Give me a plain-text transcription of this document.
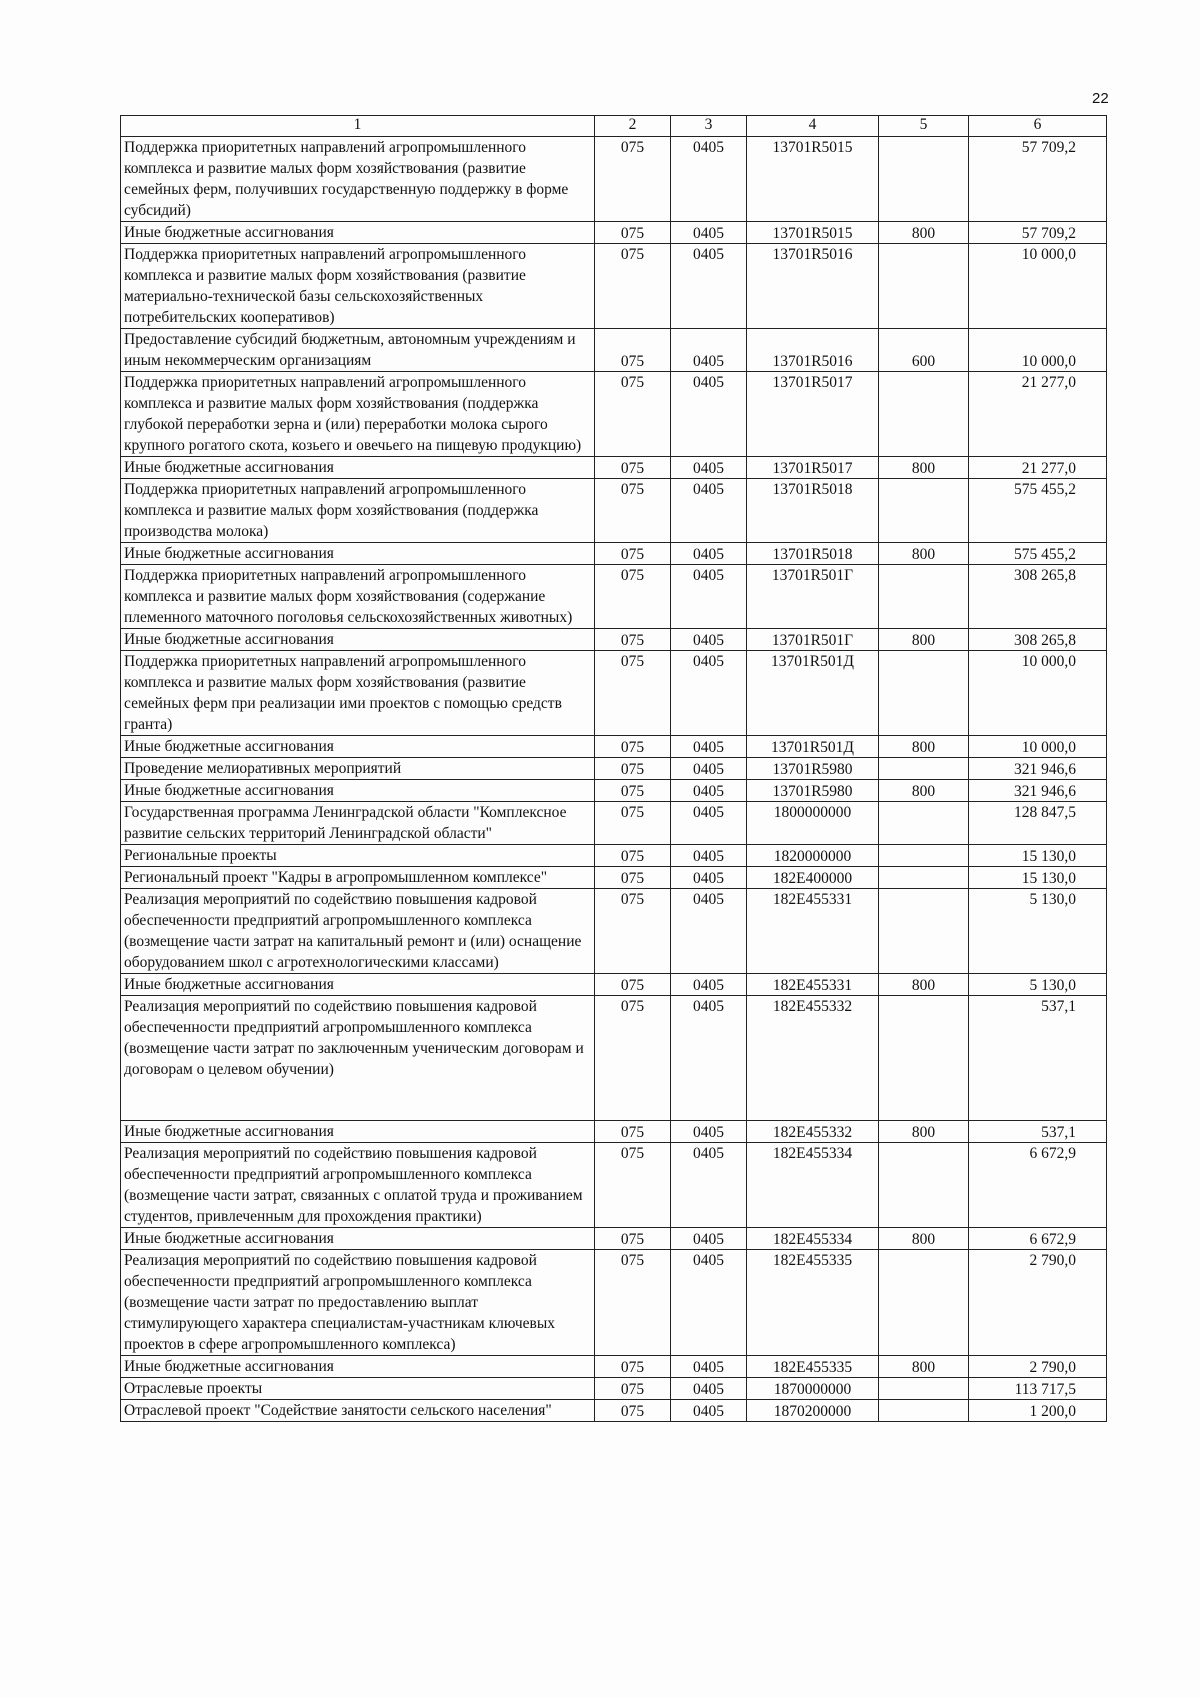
22
1	2	3	4	5	6
Поддержка приоритетных направлений агропромышленного комплекса и развитие малых форм хозяйствования (развитие семейных ферм, получивших государственную поддержку в форме субсидий)	075	0405	13701R5015		57 709,2
Иные бюджетные ассигнования	075	0405	13701R5015	800	57 709,2
Поддержка приоритетных направлений агропромышленного комплекса и развитие малых форм хозяйствования (развитие материально-технической базы сельскохозяйственных потребительских кооперативов)	075	0405	13701R5016		10 000,0
Предоставление субсидий бюджетным, автономным учреждениям и иным некоммерческим организациям	075	0405	13701R5016	600	10 000,0
Поддержка приоритетных направлений агропромышленного комплекса и развитие малых форм хозяйствования (поддержка глубокой переработки зерна и (или) переработки молока сырого крупного рогатого скота, козьего и овечьего на пищевую продукцию)	075	0405	13701R5017		21 277,0
Иные бюджетные ассигнования	075	0405	13701R5017	800	21 277,0
Поддержка приоритетных направлений агропромышленного комплекса и развитие малых форм хозяйствования (поддержка производства молока)	075	0405	13701R5018		575 455,2
Иные бюджетные ассигнования	075	0405	13701R5018	800	575 455,2
Поддержка приоритетных направлений агропромышленного комплекса и развитие малых форм хозяйствования (содержание племенного маточного поголовья сельскохозяйственных животных)	075	0405	13701R501Г		308 265,8
Иные бюджетные ассигнования	075	0405	13701R501Г	800	308 265,8
Поддержка приоритетных направлений агропромышленного комплекса и развитие малых форм хозяйствования (развитие семейных ферм при реализации ими проектов с помощью средств гранта)	075	0405	13701R501Д		10 000,0
Иные бюджетные ассигнования	075	0405	13701R501Д	800	10 000,0
Проведение мелиоративных мероприятий	075	0405	13701R5980		321 946,6
Иные бюджетные ассигнования	075	0405	13701R5980	800	321 946,6
Государственная программа Ленинградской области "Комплексное развитие сельских территорий Ленинградской области"	075	0405	1800000000		128 847,5
Региональные проекты	075	0405	1820000000		15 130,0
Региональный проект "Кадры в агропромышленном комплексе"	075	0405	182Е400000		15 130,0
Реализация мероприятий по содействию повышения кадровой обеспеченности предприятий агропромышленного комплекса (возмещение части затрат на капитальный ремонт и (или) оснащение оборудованием школ с агротехнологическими классами)	075	0405	182Е455331		5 130,0
Иные бюджетные ассигнования	075	0405	182Е455331	800	5 130,0
Реализация мероприятий по содействию повышения кадровой обеспеченности предприятий агропромышленного комплекса (возмещение части затрат по заключенным ученическим договорам и договорам о целевом обучении)	075	0405	182Е455332		537,1
Иные бюджетные ассигнования	075	0405	182Е455332	800	537,1
Реализация мероприятий по содействию повышения кадровой обеспеченности предприятий агропромышленного комплекса (возмещение части затрат, связанных с оплатой труда и проживанием студентов, привлеченным для прохождения практики)	075	0405	182Е455334		6 672,9
Иные бюджетные ассигнования	075	0405	182Е455334	800	6 672,9
Реализация мероприятий по содействию повышения кадровой обеспеченности предприятий агропромышленного комплекса (возмещение части затрат по предоставлению выплат стимулирующего характера специалистам-участникам ключевых проектов в сфере агропромышленного комплекса)	075	0405	182Е455335		2 790,0
Иные бюджетные ассигнования	075	0405	182Е455335	800	2 790,0
Отраслевые проекты	075	0405	1870000000		113 717,5
Отраслевой проект "Содействие занятости сельского населения"	075	0405	1870200000		1 200,0
